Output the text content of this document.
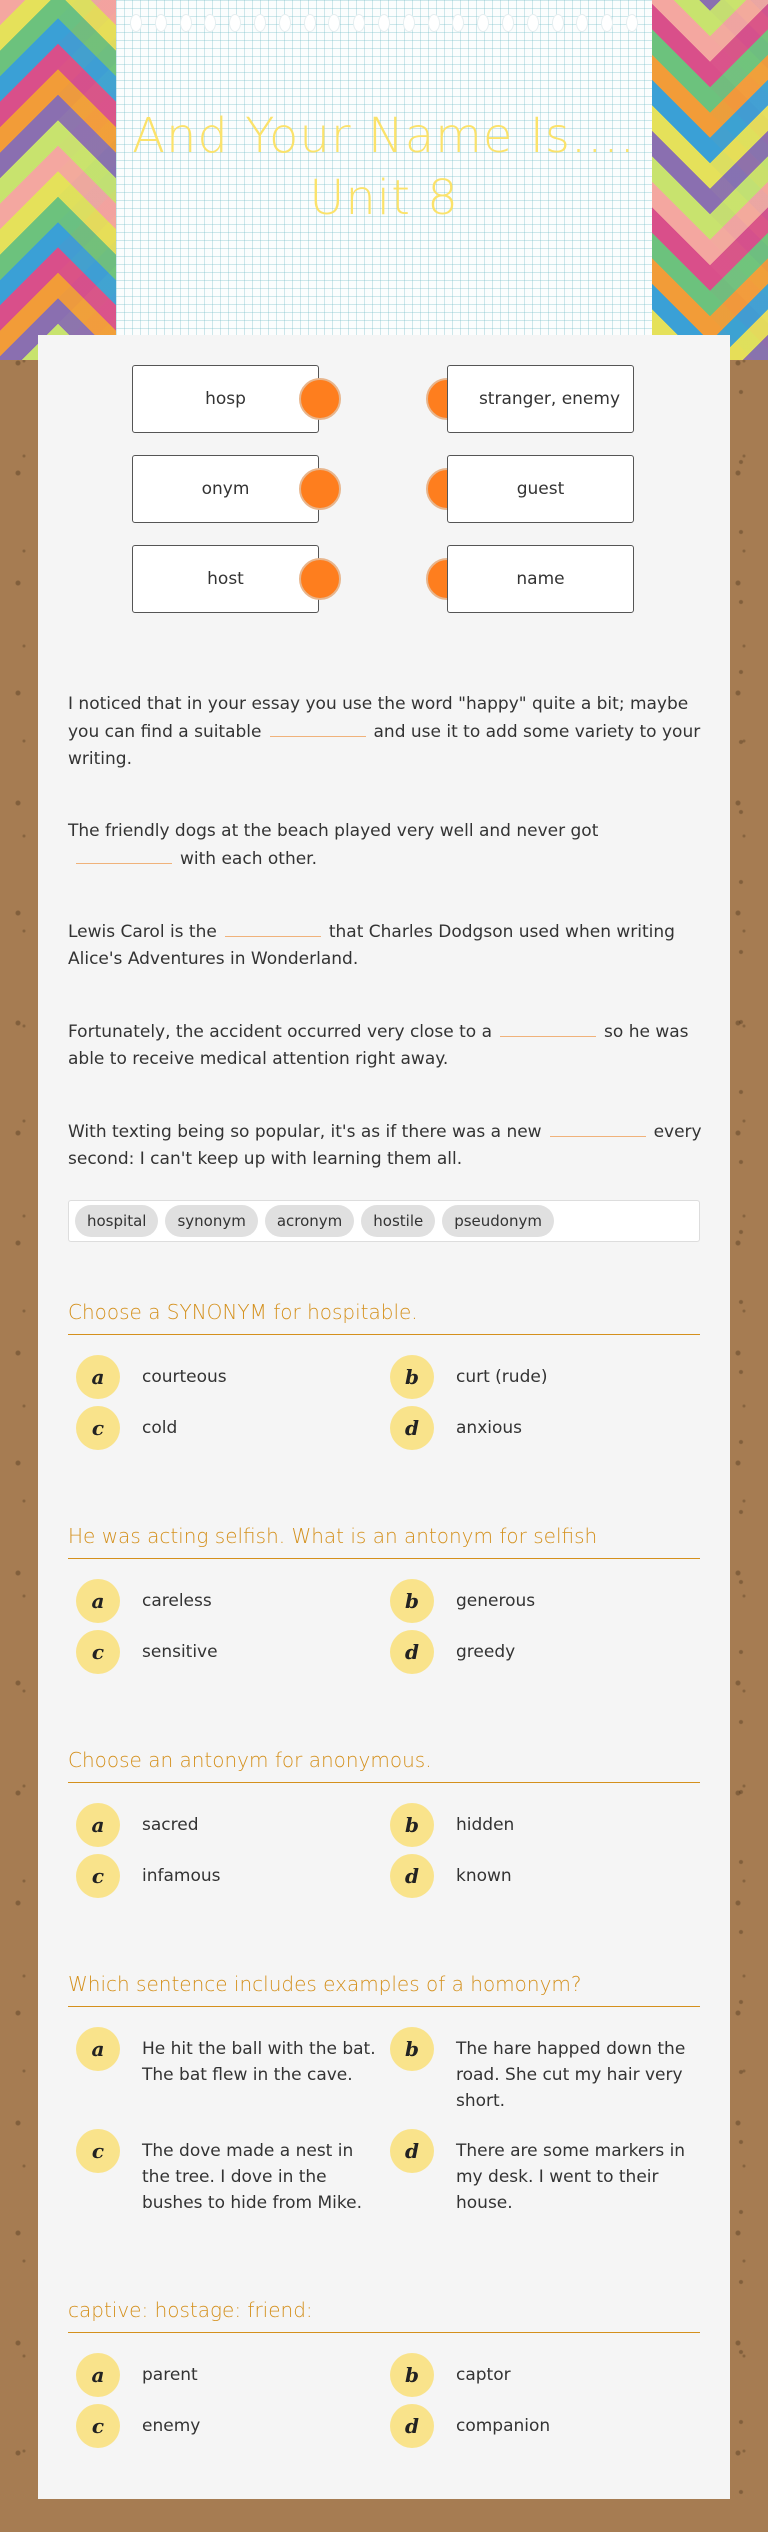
And Your Name Is....
Unit 8
hosp	stranger, enemy
onym	guest
host	name
I noticed that in your essay you use the word "happy" quite a bit; maybe you can find a suitable	and use it to add some variety to your writing.
The friendly dogs at the beach played very well and never gotwith each other.
Lewis Carol is the	that Charles Dodgson used when writing Alice's Adventures in Wonderland.
Fortunately, the accident occurred very close to a	so he was able to receive medical attention right away.
With texting being so popular, it's as if there was a new	every second: I can't keep up with learning them all.
hospital	synonym	acronym	hostile	pseudonym
Choose a SYNONYM for hospitable.
a	courteous	b	curt (rude)
c	cold	d	anxious
He was acting selfish. What is an antonym for selfish
a	careless	b	generous
c	sensitive	d	greedy
Choose an antonym for anonymous.
a	sacred	b	hidden
c	infamous	d	known
Which sentence includes examples of a homonym?
a	He hit the ball with the bat. The bat flew in the cave.
b	The hare happed down the road. She cut my hair very short.
c	The dove made a nest in the tree. I dove in the bushes to hide from Mike.
d	There are some markers in my desk. I went to their house.
captive: hostage: friend:
a	parent	b	captor
c	enemy	d	companion
